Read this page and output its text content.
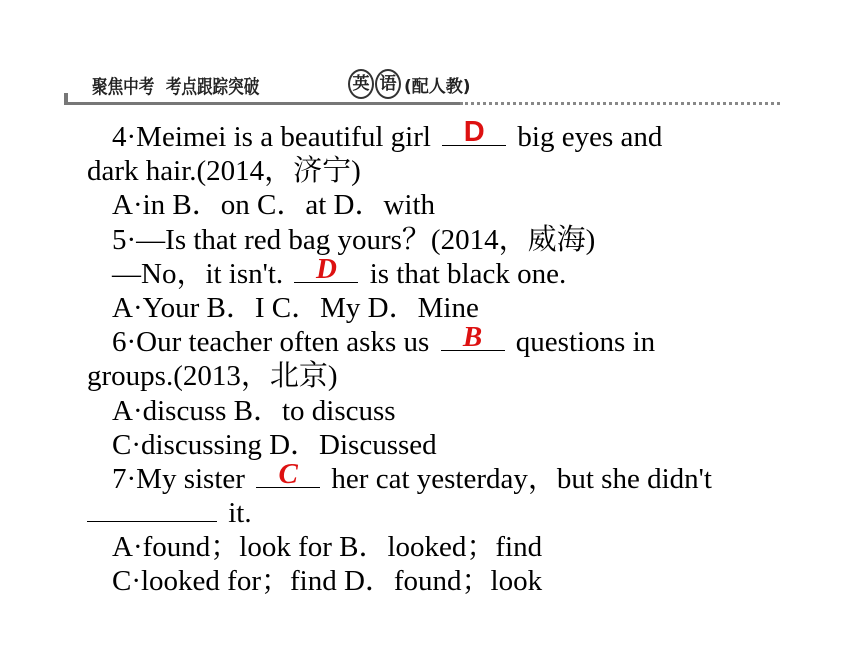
聚焦中考 考点跟踪突破	英 语 (配人教)
4·Meimei is a beautiful girl	D	big eyes and
dark hair.(2014，济宁)
A·in B．on C．at D．with
5·—Is that red bag yours？(2014，威海)
—No，it isn't.	D	is that black one.
A·Your B．I C．My D．Mine
6·Our teacher often asks us	B	questions in
groups.(2013，北京)
A·discuss B．to discuss
C·discussing D．Discussed
7·My sister	C	her cat yesterday，but she didn't
it.
A·found；look for B．looked；find
C·looked for；find D．found；look
